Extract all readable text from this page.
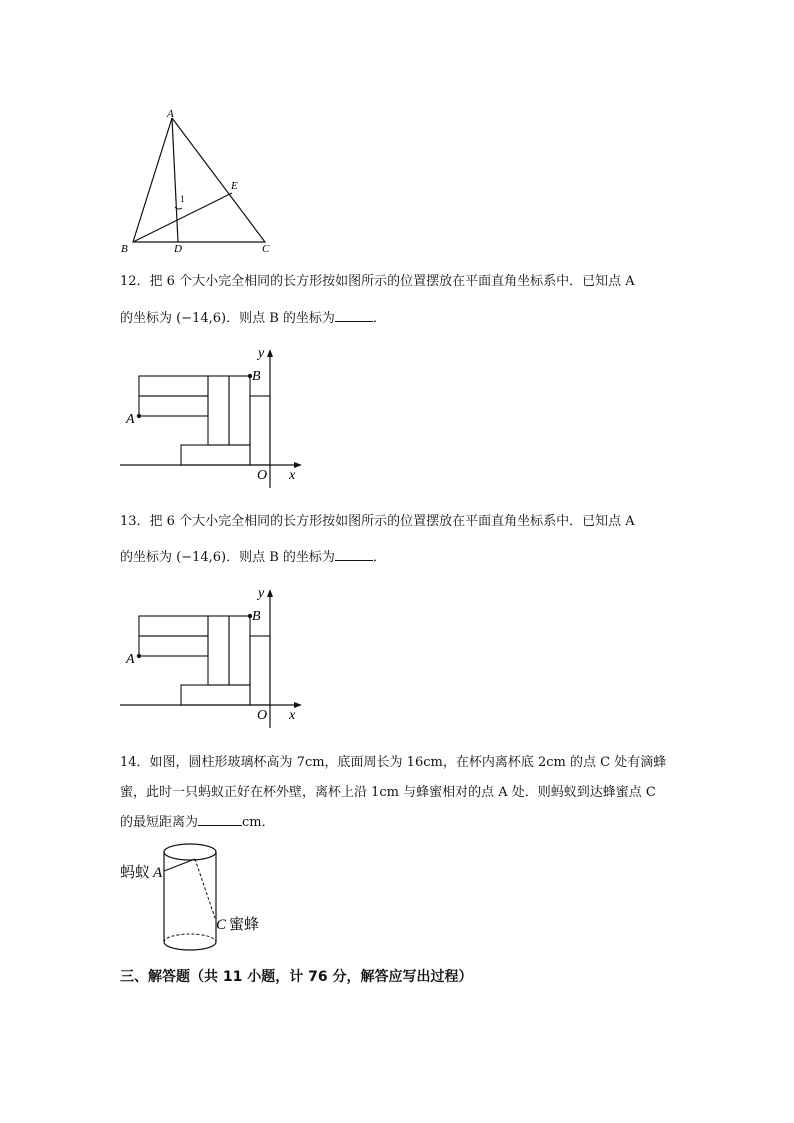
A
B	C
D
E
1
12．把 6 个大小完全相同的长方形按如图所示的位置摆放在平面直角坐标系中．已知点 A
的坐标为 (−14,6)．则点 B 的坐标为	．
A
B
O x
y
13．把 6 个大小完全相同的长方形按如图所示的位置摆放在平面直角坐标系中．已知点 A
的坐标为 (−14,6)．则点 B 的坐标为	．
A
B
O x
y
14．如图，圆柱形玻璃杯高为 7cm，底面周长为 16cm，在杯内离杯底 2cm 的点 C 处有滴蜂
蜜，此时一只蚂蚁正好在杯外壁，离杯上沿 1cm 与蜂蜜相对的点 A 处．则蚂蚁到达蜂蜜点 C
的最短距离为	cm．
蚂蚁 A
C 蜜蜂
三、解答题（共 11 小题，计 76 分，解答应写出过程）
